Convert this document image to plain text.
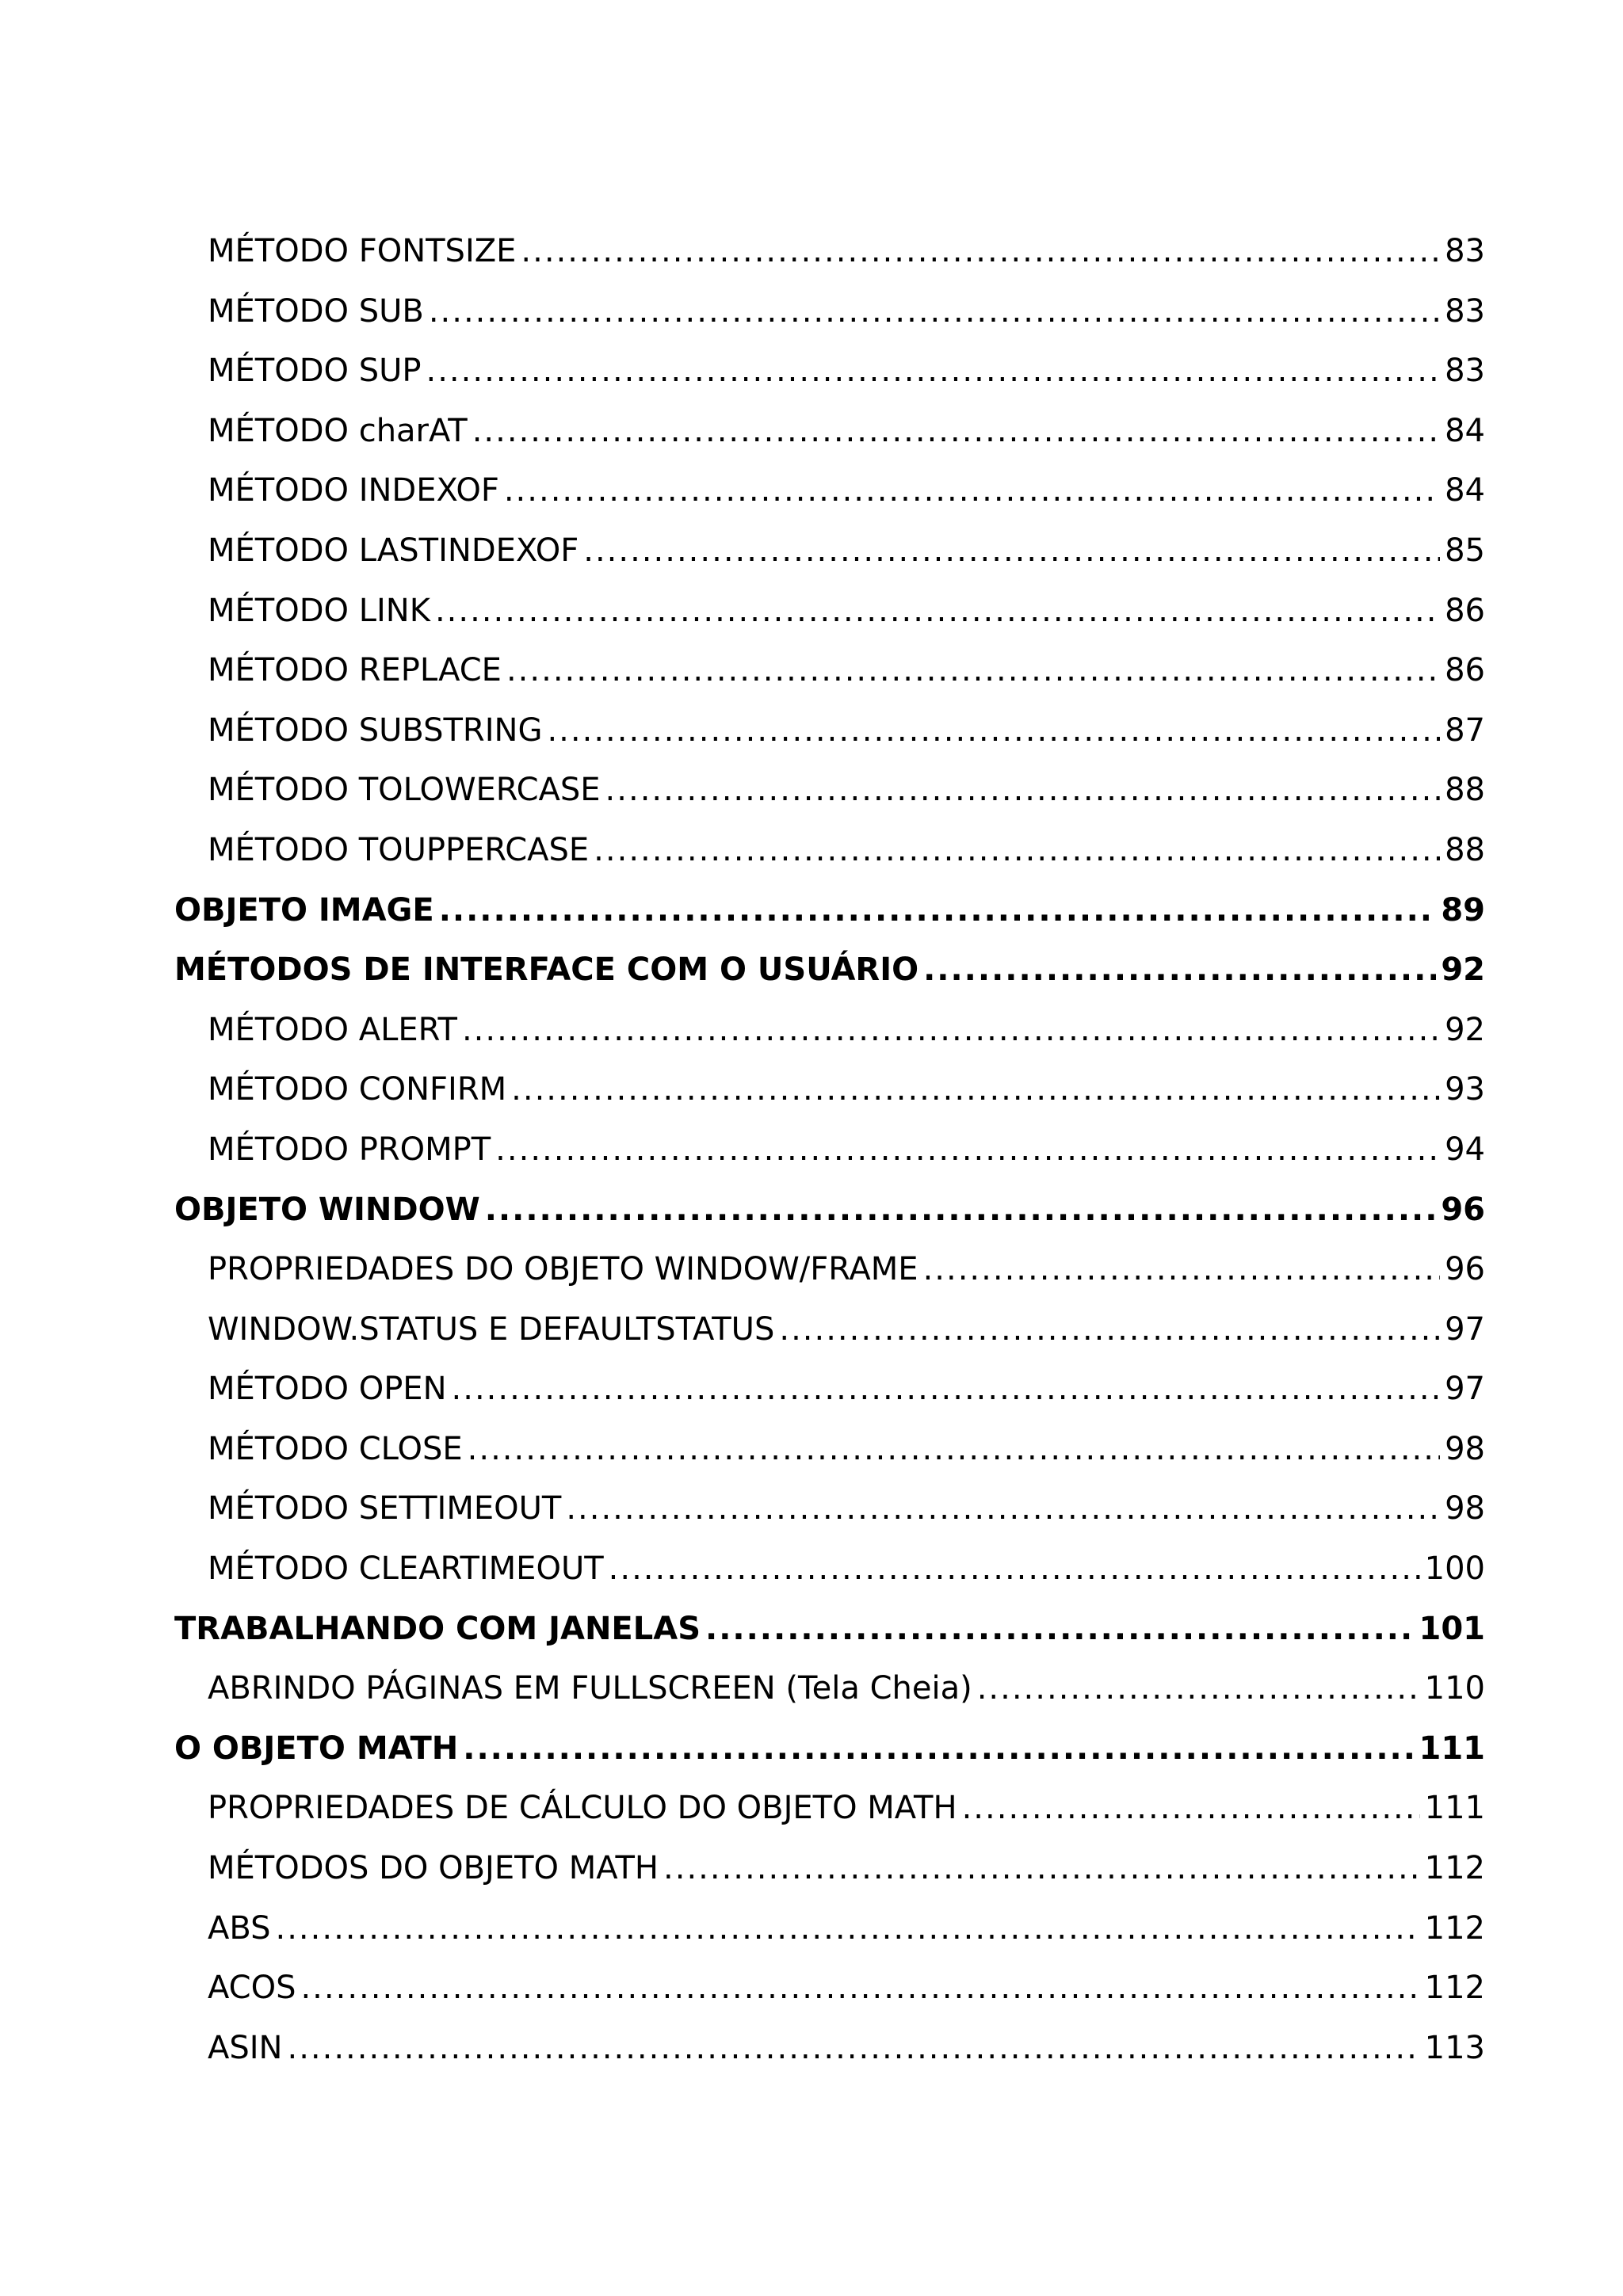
MÉTODO FONTSIZE .....	83
MÉTODO SUB .....	83
MÉTODO SUP .....	83
MÉTODO charAT .....	84
MÉTODO INDEXOF .....	84
MÉTODO LASTINDEXOF .....	85
MÉTODO LINK .....	86
MÉTODO REPLACE .....	86
MÉTODO SUBSTRING .....	87
MÉTODO TOLOWERCASE .....	88
MÉTODO TOUPPERCASE .....	88
OBJETO IMAGE .....	89
MÉTODOS DE INTERFACE COM O USUÁRIO .....	92
MÉTODO ALERT .....	92
MÉTODO CONFIRM .....	93
MÉTODO PROMPT .....	94
OBJETO WINDOW .....	96
PROPRIEDADES DO OBJETO WINDOW/FRAME .....	96
WINDOW.STATUS E DEFAULTSTATUS .....	97
MÉTODO OPEN .....	97
MÉTODO CLOSE .....	98
MÉTODO SETTIMEOUT .....	98
MÉTODO CLEARTIMEOUT .....	100
TRABALHANDO COM JANELAS .....	101
ABRINDO PÁGINAS EM FULLSCREEN (Tela Cheia) .....	110
O OBJETO MATH .....	111
PROPRIEDADES DE CÁLCULO DO OBJETO MATH .....	111
MÉTODOS DO OBJETO MATH .....	112
ABS .....	112
ACOS .....	112
ASIN .....	113
